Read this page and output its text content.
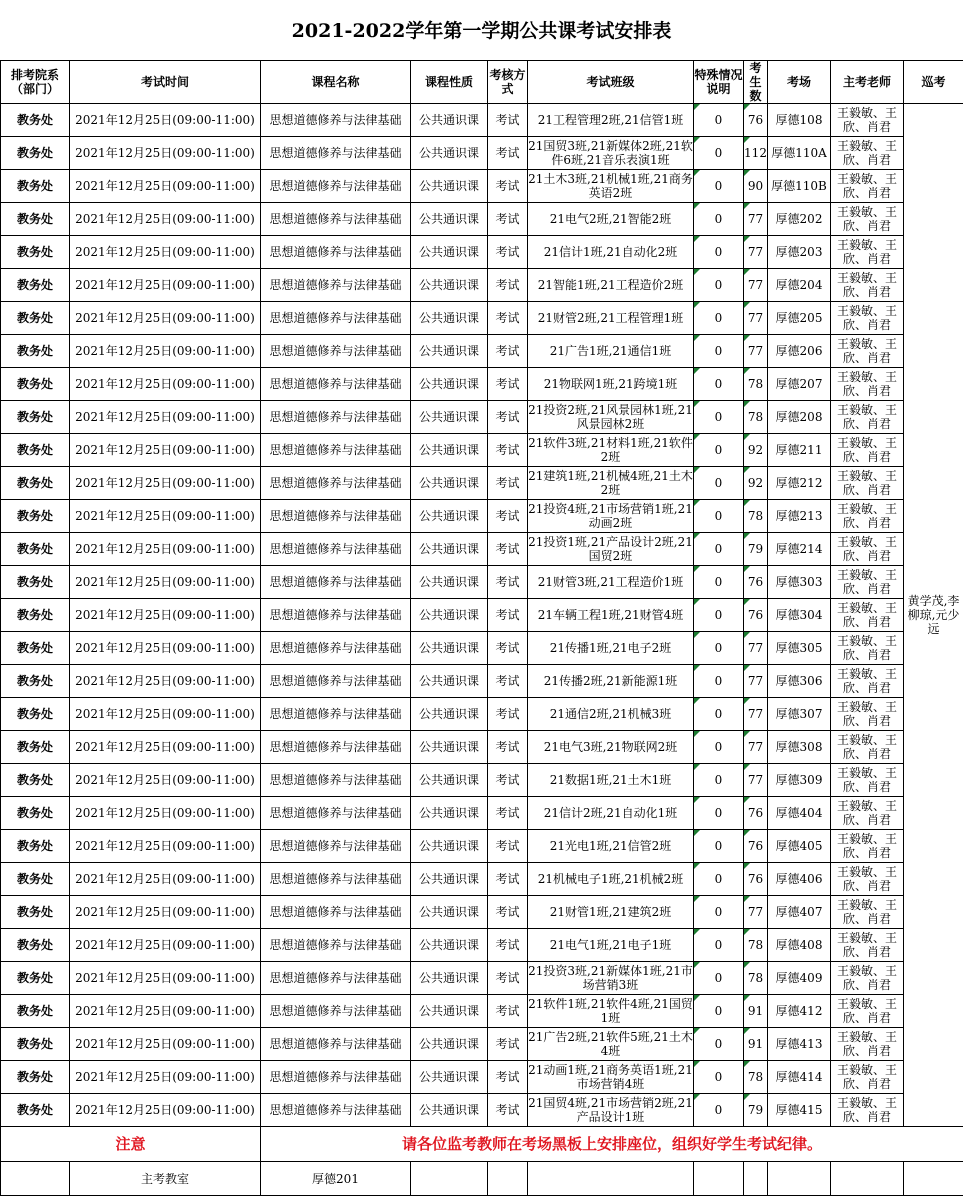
2021-2022学年第一学期公共课考试安排表
排考院系（部门）	考试时间	课程名称	课程性质	考核方式	考试班级	特殊情况说明	考生数	考场	主考老师	巡考
教务处	2021年12月25日(09:00-11:00)	思想道德修养与法律基础	公共通识课	考试	21工程管理2班,21信管1班	0	76	厚德108	王毅敏、王欣、肖君	黄学茂,李柳琼,元少远
教务处	2021年12月25日(09:00-11:00)	思想道德修养与法律基础	公共通识课	考试	21国贸3班,21新媒体2班,21软件6班,21音乐表演1班	0	112	厚德110A	王毅敏、王欣、肖君	
教务处	2021年12月25日(09:00-11:00)	思想道德修养与法律基础	公共通识课	考试	21土木3班,21机械1班,21商务英语2班	0	90	厚德110B	王毅敏、王欣、肖君	
教务处	2021年12月25日(09:00-11:00)	思想道德修养与法律基础	公共通识课	考试	21电气2班,21智能2班	0	77	厚德202	王毅敏、王欣、肖君	
教务处	2021年12月25日(09:00-11:00)	思想道德修养与法律基础	公共通识课	考试	21信计1班,21自动化2班	0	77	厚德203	王毅敏、王欣、肖君	
教务处	2021年12月25日(09:00-11:00)	思想道德修养与法律基础	公共通识课	考试	21智能1班,21工程造价2班	0	77	厚德204	王毅敏、王欣、肖君	
教务处	2021年12月25日(09:00-11:00)	思想道德修养与法律基础	公共通识课	考试	21财管2班,21工程管理1班	0	77	厚德205	王毅敏、王欣、肖君	
教务处	2021年12月25日(09:00-11:00)	思想道德修养与法律基础	公共通识课	考试	21广告1班,21通信1班	0	77	厚德206	王毅敏、王欣、肖君	
教务处	2021年12月25日(09:00-11:00)	思想道德修养与法律基础	公共通识课	考试	21物联网1班,21跨境1班	0	78	厚德207	王毅敏、王欣、肖君	
教务处	2021年12月25日(09:00-11:00)	思想道德修养与法律基础	公共通识课	考试	21投资2班,21风景园林1班,21风景园林2班	0	78	厚德208	王毅敏、王欣、肖君	
教务处	2021年12月25日(09:00-11:00)	思想道德修养与法律基础	公共通识课	考试	21软件3班,21材料1班,21软件2班	0	92	厚德211	王毅敏、王欣、肖君	
教务处	2021年12月25日(09:00-11:00)	思想道德修养与法律基础	公共通识课	考试	21建筑1班,21机械4班,21土木2班	0	92	厚德212	王毅敏、王欣、肖君	
教务处	2021年12月25日(09:00-11:00)	思想道德修养与法律基础	公共通识课	考试	21投资4班,21市场营销1班,21动画2班	0	78	厚德213	王毅敏、王欣、肖君	
教务处	2021年12月25日(09:00-11:00)	思想道德修养与法律基础	公共通识课	考试	21投资1班,21产品设计2班,21国贸2班	0	79	厚德214	王毅敏、王欣、肖君	
教务处	2021年12月25日(09:00-11:00)	思想道德修养与法律基础	公共通识课	考试	21财管3班,21工程造价1班	0	76	厚德303	王毅敏、王欣、肖君	
教务处	2021年12月25日(09:00-11:00)	思想道德修养与法律基础	公共通识课	考试	21车辆工程1班,21财管4班	0	76	厚德304	王毅敏、王欣、肖君	
教务处	2021年12月25日(09:00-11:00)	思想道德修养与法律基础	公共通识课	考试	21传播1班,21电子2班	0	77	厚德305	王毅敏、王欣、肖君	
教务处	2021年12月25日(09:00-11:00)	思想道德修养与法律基础	公共通识课	考试	21传播2班,21新能源1班	0	77	厚德306	王毅敏、王欣、肖君	
教务处	2021年12月25日(09:00-11:00)	思想道德修养与法律基础	公共通识课	考试	21通信2班,21机械3班	0	77	厚德307	王毅敏、王欣、肖君	
教务处	2021年12月25日(09:00-11:00)	思想道德修养与法律基础	公共通识课	考试	21电气3班,21物联网2班	0	77	厚德308	王毅敏、王欣、肖君	
教务处	2021年12月25日(09:00-11:00)	思想道德修养与法律基础	公共通识课	考试	21数据1班,21土木1班	0	77	厚德309	王毅敏、王欣、肖君	
教务处	2021年12月25日(09:00-11:00)	思想道德修养与法律基础	公共通识课	考试	21信计2班,21自动化1班	0	76	厚德404	王毅敏、王欣、肖君	
教务处	2021年12月25日(09:00-11:00)	思想道德修养与法律基础	公共通识课	考试	21光电1班,21信管2班	0	76	厚德405	王毅敏、王欣、肖君	
教务处	2021年12月25日(09:00-11:00)	思想道德修养与法律基础	公共通识课	考试	21机械电子1班,21机械2班	0	76	厚德406	王毅敏、王欣、肖君	
教务处	2021年12月25日(09:00-11:00)	思想道德修养与法律基础	公共通识课	考试	21财管1班,21建筑2班	0	77	厚德407	王毅敏、王欣、肖君	
教务处	2021年12月25日(09:00-11:00)	思想道德修养与法律基础	公共通识课	考试	21电气1班,21电子1班	0	78	厚德408	王毅敏、王欣、肖君	
教务处	2021年12月25日(09:00-11:00)	思想道德修养与法律基础	公共通识课	考试	21投资3班,21新媒体1班,21市场营销3班	0	78	厚德409	王毅敏、王欣、肖君	
教务处	2021年12月25日(09:00-11:00)	思想道德修养与法律基础	公共通识课	考试	21软件1班,21软件4班,21国贸1班	0	91	厚德412	王毅敏、王欣、肖君	
教务处	2021年12月25日(09:00-11:00)	思想道德修养与法律基础	公共通识课	考试	21广告2班,21软件5班,21土木4班	0	91	厚德413	王毅敏、王欣、肖君	
教务处	2021年12月25日(09:00-11:00)	思想道德修养与法律基础	公共通识课	考试	21动画1班,21商务英语1班,21市场营销4班	0	78	厚德414	王毅敏、王欣、肖君	
教务处	2021年12月25日(09:00-11:00)	思想道德修养与法律基础	公共通识课	考试	21国贸4班,21市场营销2班,21产品设计1班	0	79	厚德415	王毅敏、王欣、肖君	
注意		请各位监考教师在考场黑板上安排座位，组织好学生考试纪律。								
	主考教室	厚德201								
